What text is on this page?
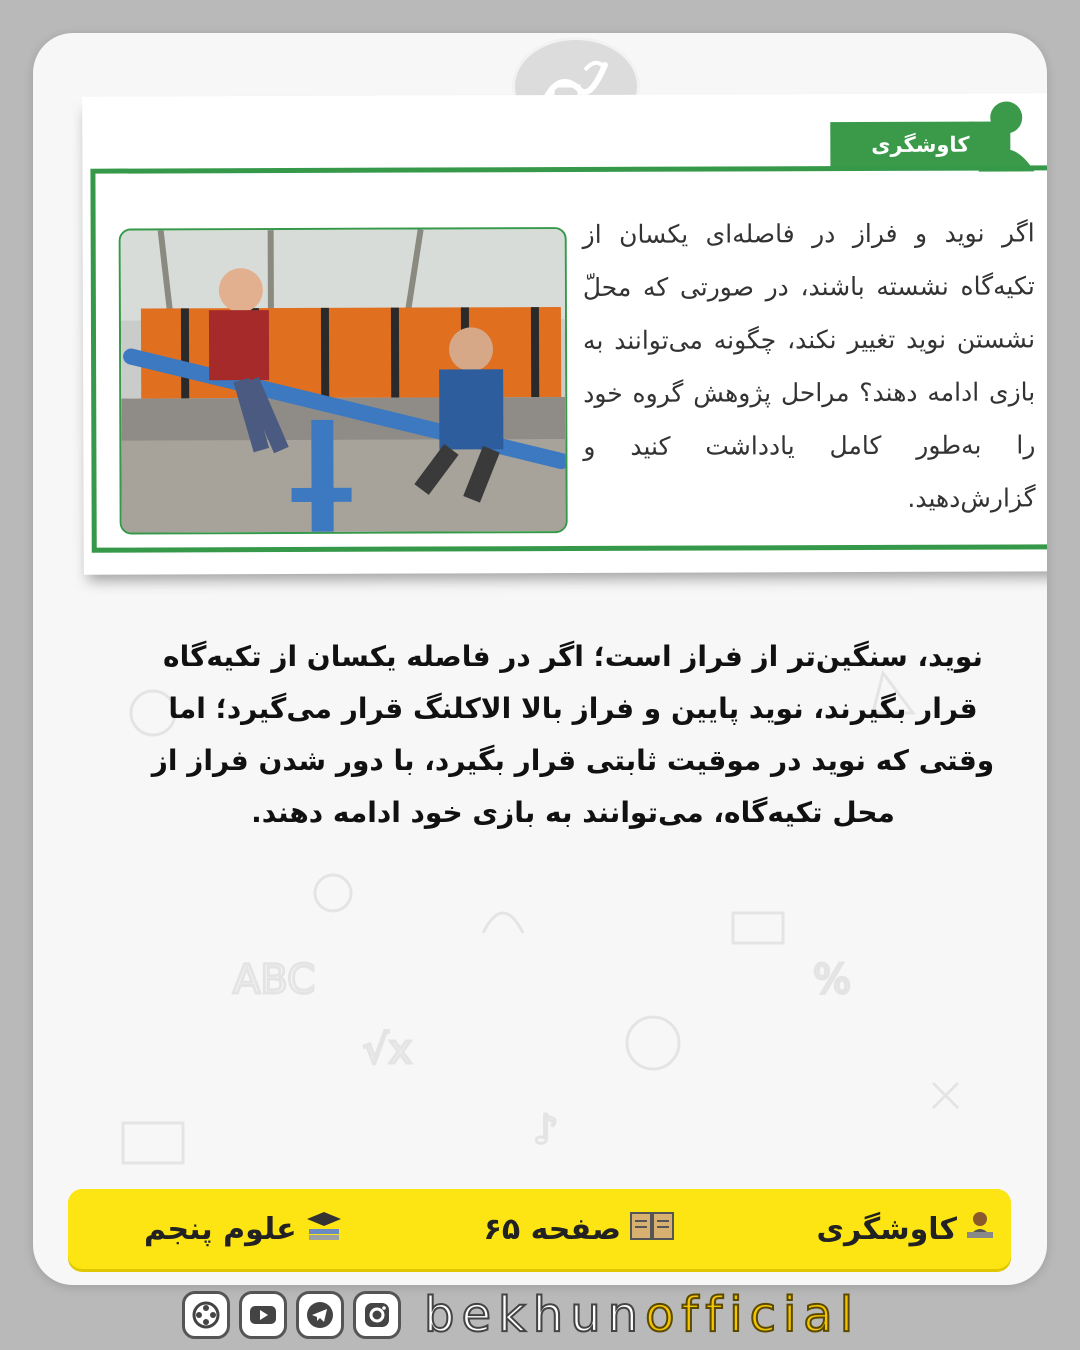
ABC	%
♪
√x
کاوشگری
اگر نوید و فراز در فاصله‌ای یکسان از تکیه‌گاه نشسته باشند، در صورتی که محلّ نشستن نوید تغییر نکند، چگونه می‌توانند به بازی ادامه دهند؟ مراحل پژوهش گروه خود را به‌طور کامل یادداشت کنید و گزارش‌دهید.
نوید، سنگین‌تر از فراز است؛ اگر در فاصله یکسان از تکیه‌گاه قرار بگیرند، نوید پایین و فراز بالا الاکلنگ قرار می‌گیرد؛ اما وقتی که نوید در موقیت ثابتی قرار بگیرد، با دور شدن فراز از محل تکیه‌گاه، می‌توانند به بازی خود ادامه دهند.
کاوشگری
صفحه ۶۵
علوم پنجم
bekhunofficial
